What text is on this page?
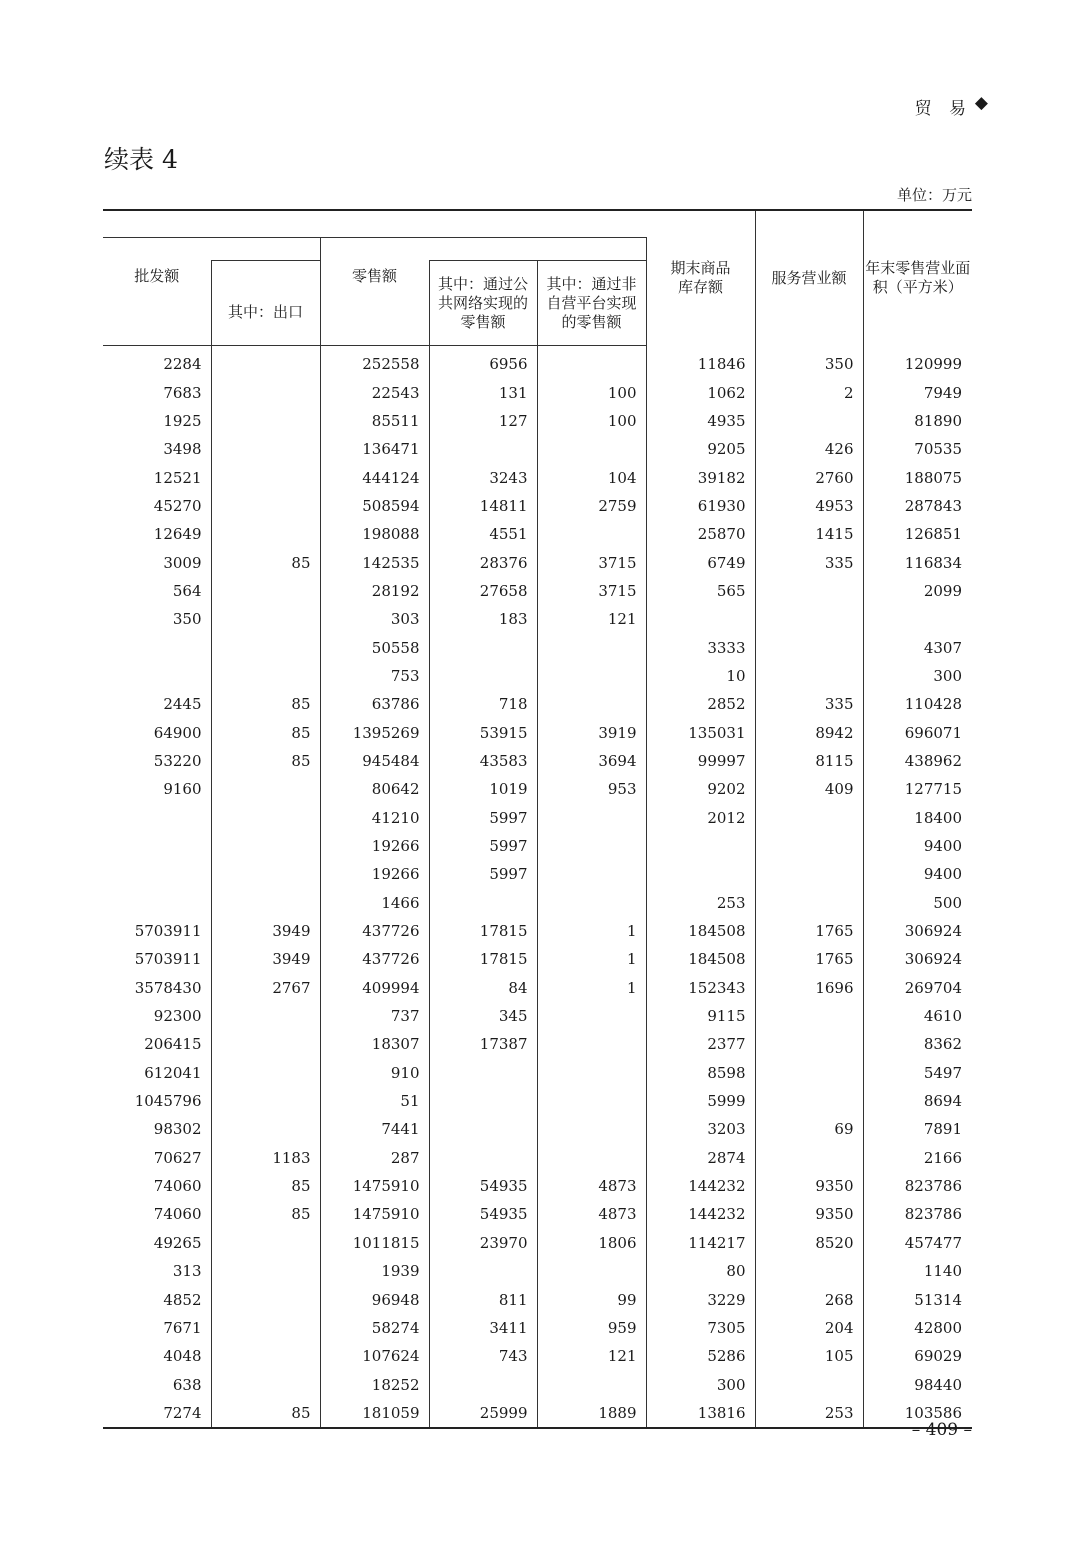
贸 易 ◆
续表 4
单位：万元

					期末商品库存额	服务营业额	年末零售营业面积（平方米）

批发额	其中：出口	零售额	其中：通过公共网络实现的零售额	其中：通过非自营平台实现的零售额			

2284		252558	6956		11846	350	120999
7683		22543	131	100	1062	2	7949
1925		85511	127	100	4935		81890
3498		136471			9205	426	70535
12521		444124	3243	104	39182	2760	188075
45270		508594	14811	2759	61930	4953	287843
12649		198088	4551		25870	1415	126851
3009	85	142535	28376	3715	6749	335	116834
564		28192	27658	3715	565		2099
350		303	183	121			
		50558			3333		4307
		753			10		300
2445	85	63786	718		2852	335	110428
64900	85	1395269	53915	3919	135031	8942	696071
53220	85	945484	43583	3694	99997	8115	438962
9160		80642	1019	953	9202	409	127715
		41210	5997		2012		18400
		19266	5997				9400
		19266	5997				9400
		1466			253		500
5703911	3949	437726	17815	1	184508	1765	306924
5703911	3949	437726	17815	1	184508	1765	306924
3578430	2767	409994	84	1	152343	1696	269704
92300		737	345		9115		4610
206415		18307	17387		2377		8362
612041		910			8598		5497
1045796		51			5999		8694
98302		7441			3203	69	7891
70627	1183	287			2874		2166
74060	85	1475910	54935	4873	144232	9350	823786
74060	85	1475910	54935	4873	144232	9350	823786
49265		1011815	23970	1806	114217	8520	457477
313		1939			80		1140
4852		96948	811	99	3229	268	51314
7671		58274	3411	959	7305	204	42800
4048		107624	743	121	5286	105	69029
638		18252			300		98440
7274	85	181059	25999	1889	13816	253	103586
– 409 –
